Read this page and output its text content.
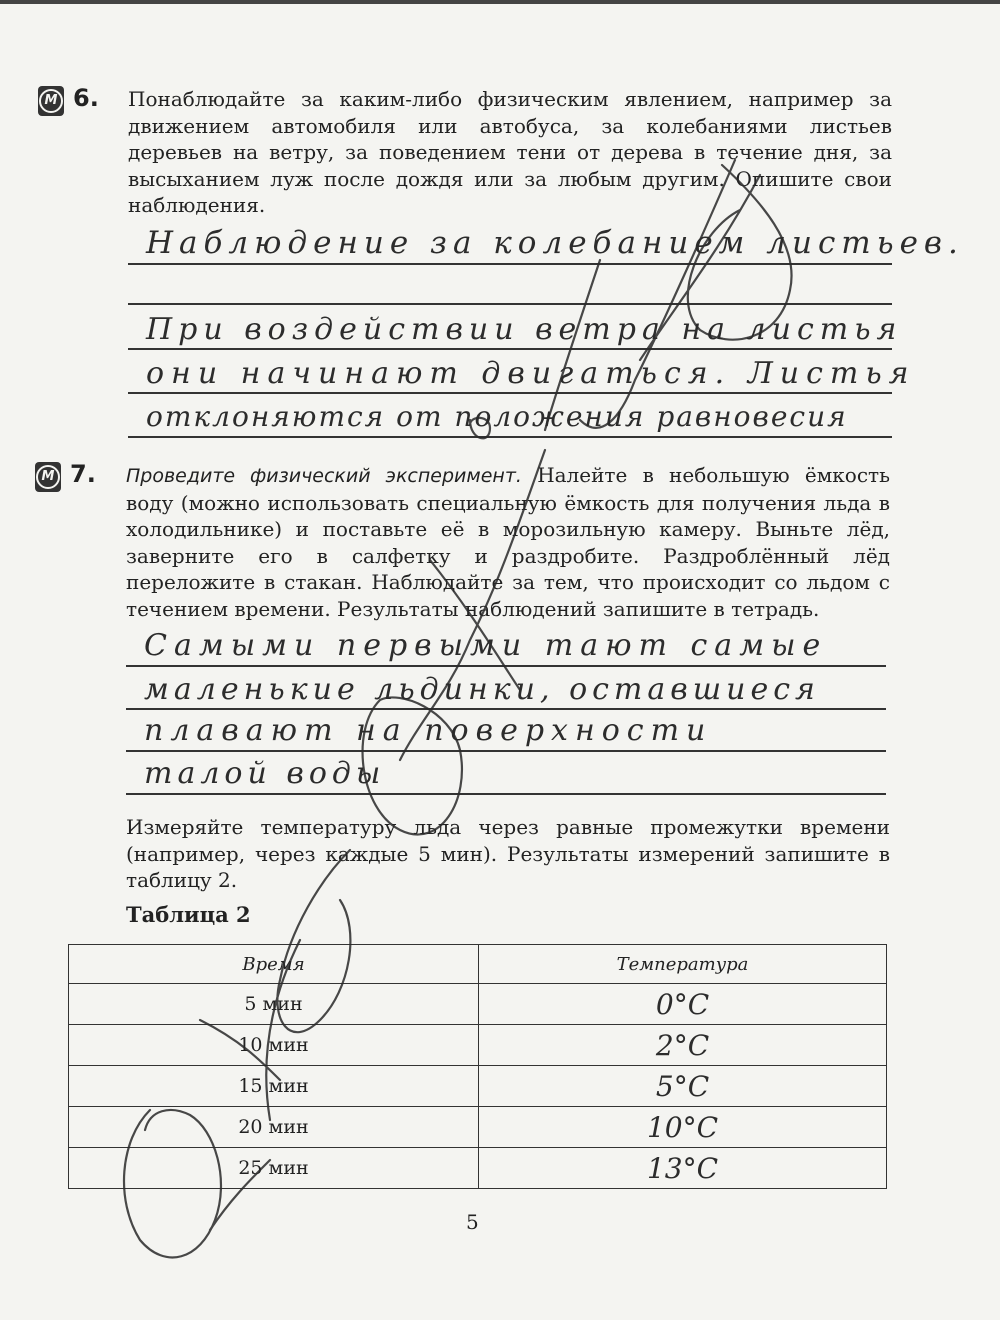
М 6. Понаблюдайте за каким-либо физическим явлением, например за движением автомобиля или автобуса, за колебаниями листьев деревьев на ветру, за поведением тени от дерева в течение дня, за высыханием луж после дождя или за любым другим. Опишите свои наблюдения.
Наблюдение за колебанием листьев.
При воздействии ветра на листья
они начинают двигаться. Листья
отклоняются от положения равновесия
М 7. Проведите физический эксперимент. Налейте в небольшую ёмкость воду (можно использовать специальную ёмкость для получения льда в холодильнике) и поставьте её в морозильную камеру. Выньте лёд, заверните его в салфетку и раздробите. Раздроблённый лёд переложите в стакан. Наблюдайте за тем, что происходит со льдом с течением времени. Результаты наблюдений запишите в тетрадь.
Самыми первыми тают самые
маленькие льдинки, оставшиеся
плавают на поверхности
талой воды
Измеряйте температуру льда через равные промежутки времени (например, через каждые 5 мин). Результаты измерений запишите в таблицу 2.
Таблица 2
Время	Температура
5 мин	0°С
10 мин	2°С
15 мин	5°С
20 мин	10°С
25 мин	13°С
5
